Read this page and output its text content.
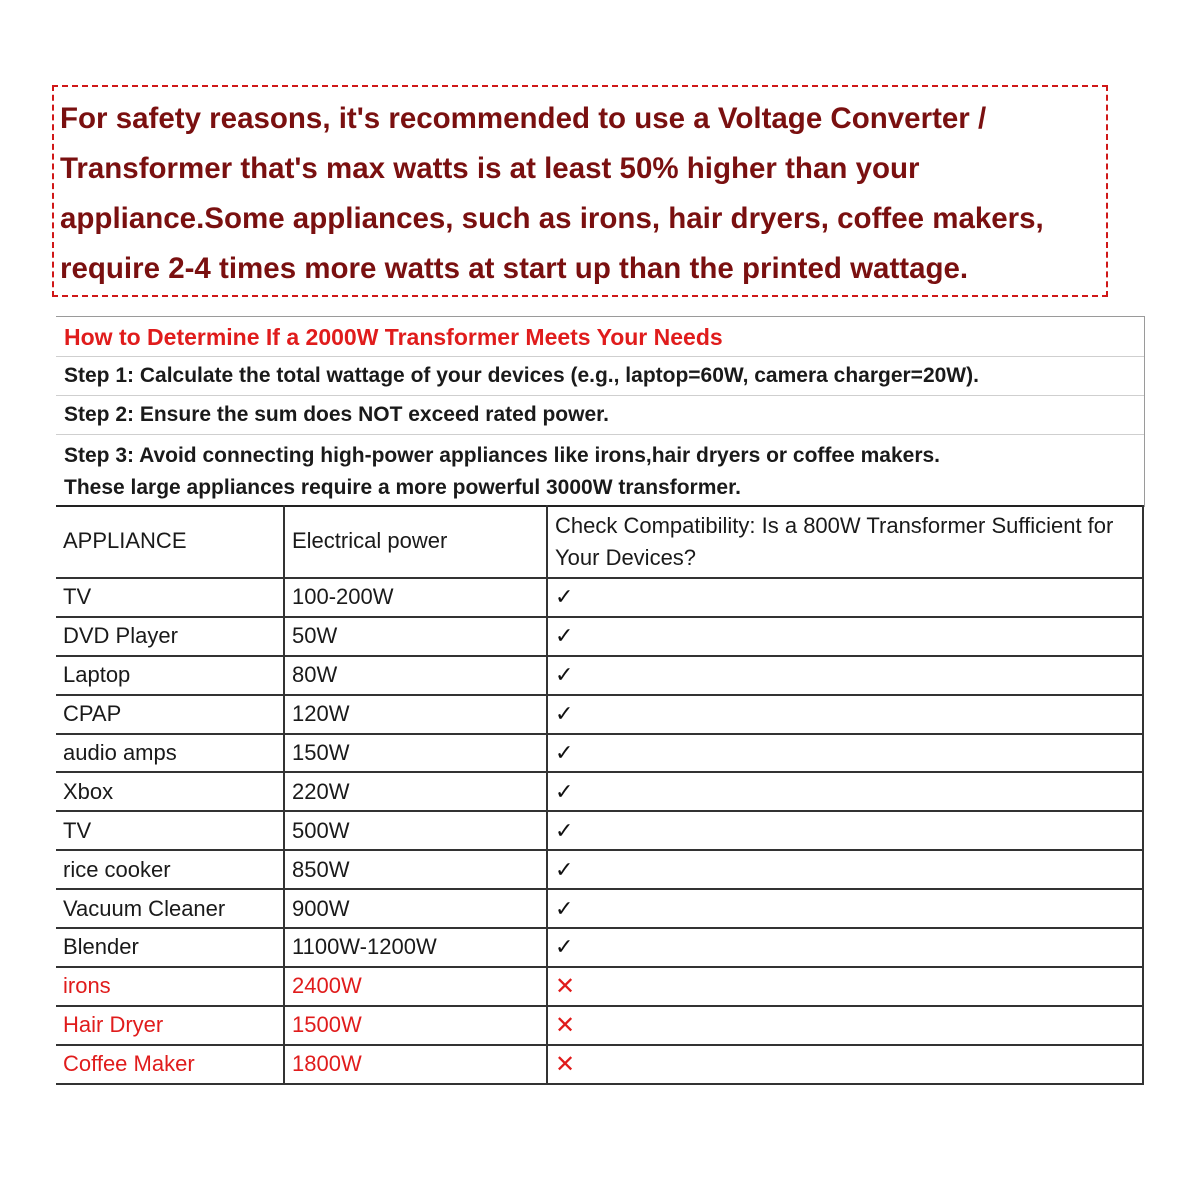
For safety reasons, it's recommended to use a Voltage Converter /
Transformer that's max watts is at least 50% higher than your
appliance.Some appliances, such as irons, hair dryers, coffee makers,
require 2-4 times more watts at start up than the printed wattage.
How to Determine If a 2000W Transformer Meets Your Needs
Step 1: Calculate the total wattage of your devices (e.g., laptop=60W, camera charger=20W).
Step 2: Ensure the sum does NOT exceed rated power.
Step 3: Avoid connecting high-power appliances like irons,hair dryers or coffee makers.
These large appliances require a more powerful 3000W transformer.
APPLIANCE	Electrical power	Check Compatibility: Is a 800W Transformer Sufficient for Your Devices?
TV	100-200W	✓
DVD Player	50W	✓
Laptop	80W	✓
CPAP	120W	✓
audio amps	150W	✓
Xbox	220W	✓
TV	500W	✓
rice cooker	850W	✓
Vacuum Cleaner	900W	✓
Blender	1100W-1200W	✓
irons	2400W	✕
Hair Dryer	1500W	✕
Coffee Maker	1800W	✕
